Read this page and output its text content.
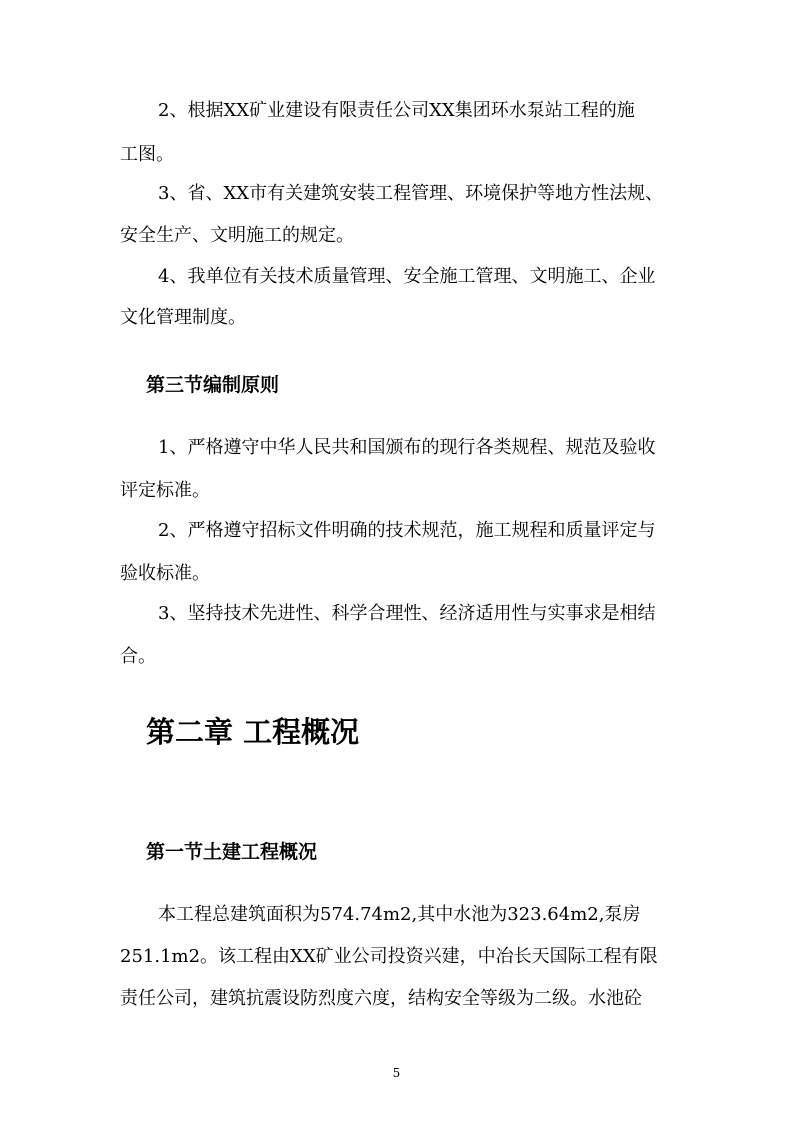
2、根据XX矿业建设有限责任公司XX集团环水泵站工程的施
工图。
3、省、XX市有关建筑安装工程管理、环境保护等地方性法规、
安全生产、文明施工的规定。
4、我单位有关技术质量管理、安全施工管理、文明施工、企业
文化管理制度。
第三节编制原则
1、严格遵守中华人民共和国颁布的现行各类规程、规范及验收
评定标准。
2、严格遵守招标文件明确的技术规范，施工规程和质量评定与
验收标准。
3、坚持技术先进性、科学合理性、经济适用性与实事求是相结
合。
第二章 工程概况
第一节土建工程概况
本工程总建筑面积为574.74m2,其中水池为323.64m2,泵房
251.1m2。该工程由XX矿业公司投资兴建，中冶长天国际工程有限
责任公司，建筑抗震设防烈度六度，结构安全等级为二级。水池砼
5
